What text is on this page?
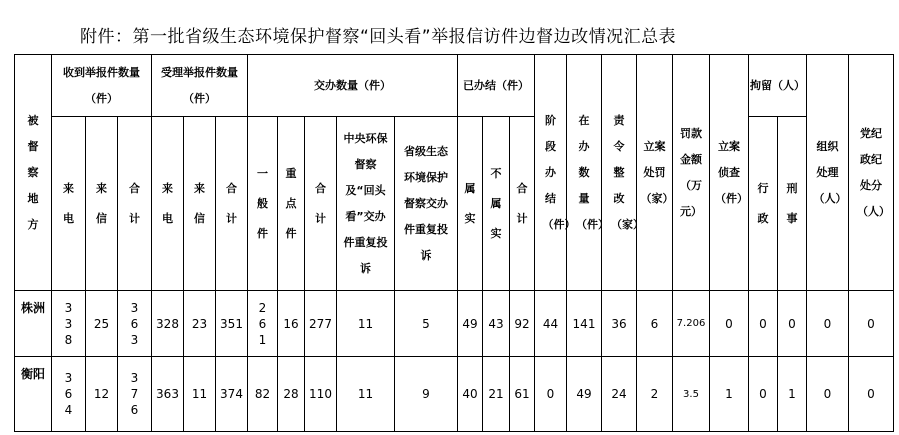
附件：第一批省级生态环境保护督察“回头看”举报信访件边督边改情况汇总表
被督察地方	收到举报件数量（件）			受理举报件数量（件）			交办数量（件）					已办结（件）			阶段办结（件）	在办数量（件）	责令整改（家）	立案处罚（家）	罚款金额（万元）	立案侦查（件）	拘留（人）		组织处理（人）	党纪政纪处分（人）

	来电	来信	合计	来电	来信	合计	一般件	重点件	合计	中央环保督察及“回头看”交办件重复投诉	省级生态环境保护督察交办件重复投诉	属实	不属实	合计							行政	刑事		

株洲	338	25	363	328	23	351	261	16	277	11	5	49	43	92	44	141	36	6	7.206	0	0	0	0	0
衡阳	364	12	376	363	11	374	82	28	110	11	9	40	21	61	0	49	24	2	3.5	1	0	1	0	0
